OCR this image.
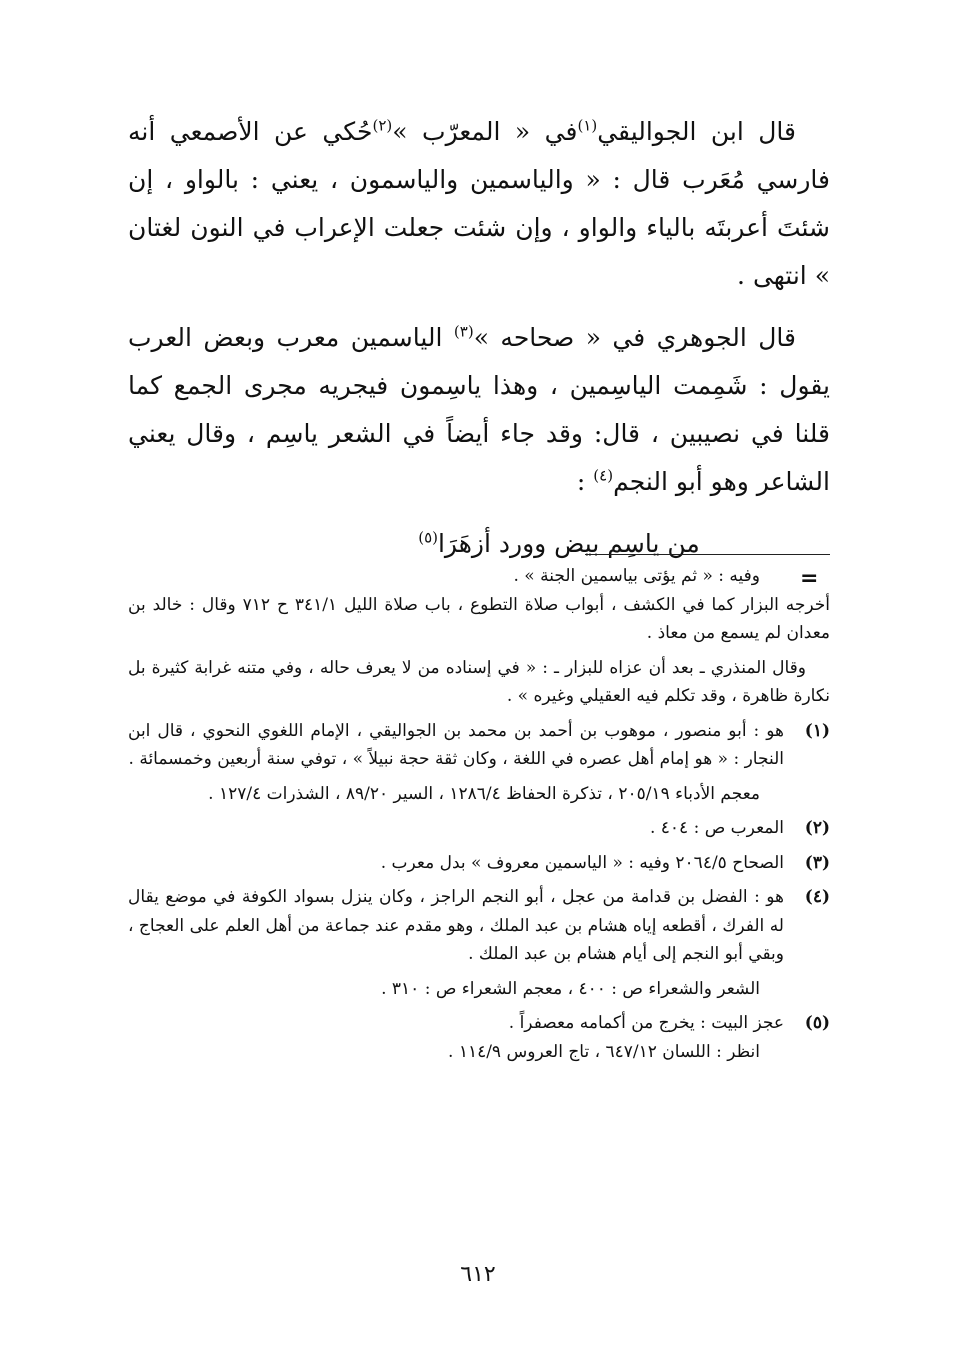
قال ابن الجواليقي$^{(١)}$في « المعرّب »$^{(٢)}$حُكي عن الأصمعي أنه فارسي مُعَرب قال : « والياسمين والياسمون ، يعني : بالواو ، إن شئتَ أعربتَه بالياء والواو ، وإن شئت جعلت الإعراب في النون لغتان » انتهى .

قال الجوهري في « صحاحه »$^{(٣)}$ الياسمين معرب وبعض العرب يقول : شَمِمت الياسِمين ، وهذا ياسِمون فيجريه مجرى الجمع كما قلنا في نصيبين ، قال: وقد جاء أيضاً في الشعر ياسِم ، وقال يعني الشاعر وهو أبو النجم$^{(٤)}$ :

من ياسِم بيض وورد أزهَرَا$^{(٥)}$

=

وفيه : « ثم يؤتى بياسمين الجنة » .

أخرجه البزار كما في الكشف ، أبواب صلاة التطوع ، باب صلاة الليل ٣٤١/١ ح ٧١٢ وقال : خالد بن معدان لم يسمع من معاذ .

وقال المنذري ـ بعد أن عزاه للبزار ـ : « في إسناده من لا يعرف حاله ، وفي متنه غرابة كثيرة بل نكارة ظاهرة ، وقد تكلم فيه العقيلي وغيره » .

(١)
هو : أبو منصور ، موهوب بن أحمد بن محمد بن الجواليقي ، الإمام اللغوي النحوي ، قال ابن النجار : « هو إمام أهل عصره في اللغة ، وكان ثقة حجة نبيلاً » ، توفي سنة أربعين وخمسمائة .
معجم الأدباء ٢٠٥/١٩ ، تذكرة الحفاظ ١٢٨٦/٤ ، السير ٨٩/٢٠ ، الشذرات ١٢٧/٤ .
(٢)
المعرب ص : ٤٠٤ .
(٣)
الصحاح ٢٠٦٤/٥ وفيه : « الياسمين معروف » بدل معرب .
(٤)
هو : الفضل بن قدامة من عجل ، أبو النجم الراجز ، وكان ينزل بسواد الكوفة في موضع يقال له الفرك ، أقطعه إياه هشام بن عبد الملك ، وهو مقدم عند جماعة من أهل العلم على العجاج ، وبقي أبو النجم إلى أيام هشام بن عبد الملك .
الشعر والشعراء ص : ٤٠٠ ، معجم الشعراء ص : ٣١٠ .
(٥)
عجز البيت : يخرج من أكمامه معصفراً .
انظر : اللسان ٦٤٧/١٢ ، تاج العروس ١١٤/٩ .
٦١٢
